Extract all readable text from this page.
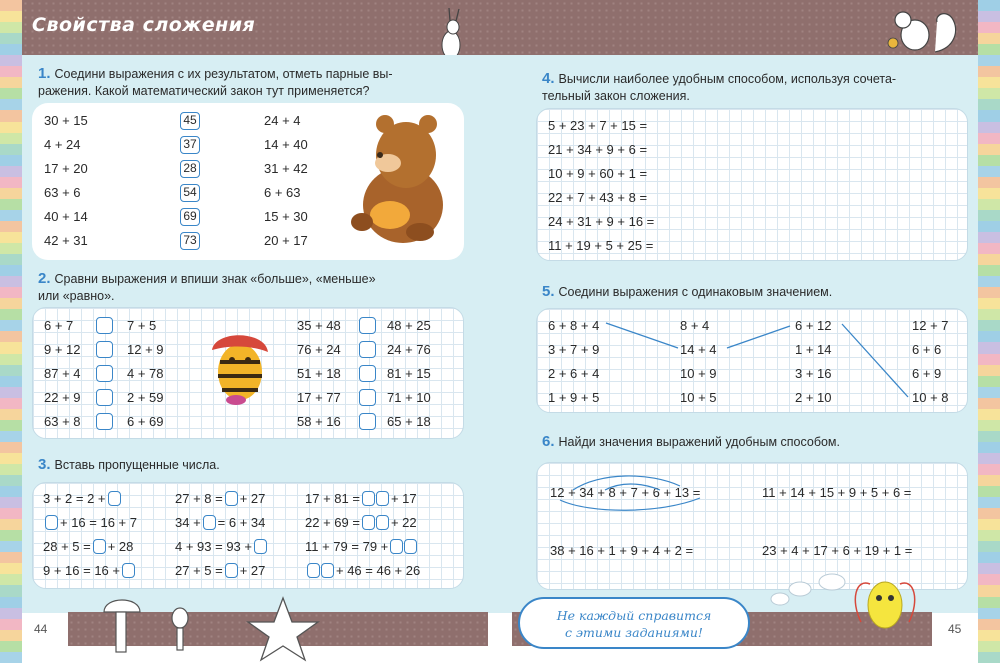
Свойства сложения
1. Соедини выражения с их результатом, отметь парные вы-
ражения. Какой математический закон тут применяется?
30 + 15	45	24 + 4
4 + 24	37	14 + 40
17 + 20	28	31 + 42
63 + 6	54	6 + 63
40 + 14	69	15 + 30
42 + 31	73	20 + 17
2. Сравни выражения и впиши знак «больше», «меньше»
или «равно».
6 + 7	7 + 5
9 + 12	12 + 9
87 + 4	4 + 78
22 + 9	2 + 59
63 + 8	6 + 69
35 + 48	48 + 25
76 + 24	24 + 76
51 + 18	81 + 15
17 + 77	71 + 10
58 + 16	65 + 18
3. Вставь пропущенные числа.
3 + 2 = 2 +
+ 16 = 16 + 7
28 + 5 = + 28
9 + 16 = 16 +
27 + 8 = + 27
34 + = 6 + 34
4 + 93 = 93 +
27 + 5 = + 27
17 + 81 = + 17
22 + 69 = + 22
11 + 79 = 79 +
+ 46 = 46 + 26
4. Вычисли наиболее удобным способом, используя сочета-
тельный закон сложения.
5 + 23 + 7 + 15 =
21 + 34 + 9 + 6 =
10 + 9 + 60 + 1 =
22 + 7 + 43 + 8 =
24 + 31 + 9 + 16 =
11 + 19 + 5 + 25 =
5. Соедини выражения с одинаковым значением.
6 + 8 + 4
3 + 7 + 9
2 + 6 + 4
1 + 9 + 5
8 + 4
14 + 4
10 + 9
10 + 5
6 + 12
1 + 14
3 + 16
2 + 10
12 + 7
6 + 6
6 + 9
10 + 8
6. Найди значения выражений удобным способом.
12 + 34 + 8 + 7 + 6 + 13 =	11 + 14 + 15 + 9 + 5 + 6 =
38 + 16 + 1 + 9 + 4 + 2 =	23 + 4 + 17 + 6 + 19 + 1 =
44	45
Не каждый справится
с этими заданиями!
